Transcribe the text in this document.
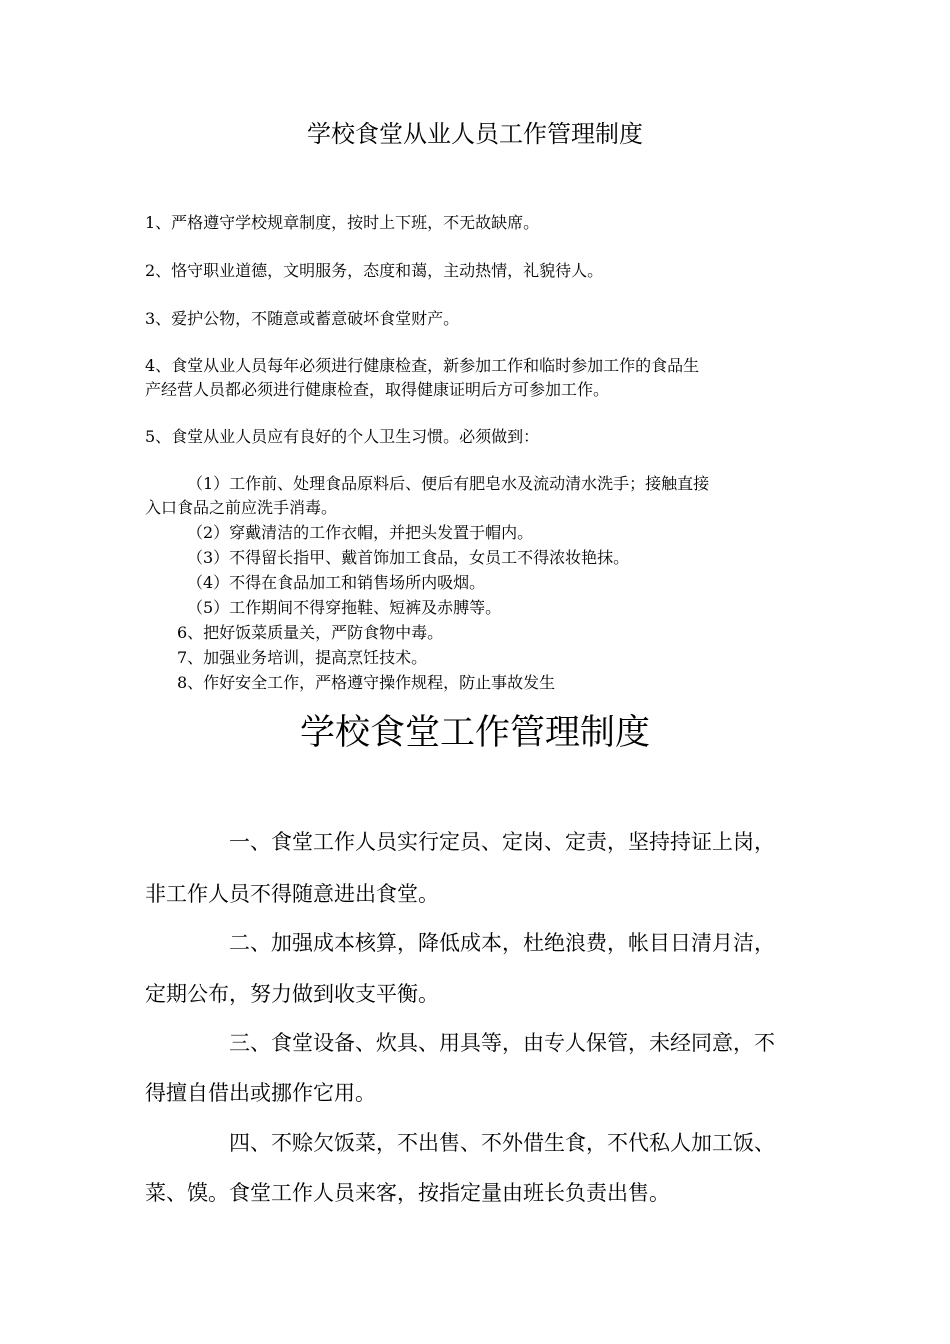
学校食堂从业人员工作管理制度
1、严格遵守学校规章制度，按时上下班，不无故缺席。
2、恪守职业道德，文明服务，态度和蔼，主动热情，礼貌待人。
3、爱护公物，不随意或蓄意破坏食堂财产。
4、食堂从业人员每年必须进行健康检查，新参加工作和临时参加工作的食品生
产经营人员都必须进行健康检查，取得健康证明后方可参加工作。
5、食堂从业人员应有良好的个人卫生习惯。必须做到：
（1）工作前、处理食品原料后、便后有肥皂水及流动清水洗手；接触直接
入口食品之前应洗手消毒。
（2）穿戴清洁的工作衣帽，并把头发置于帽内。
（3）不得留长指甲、戴首饰加工食品，女员工不得浓妆艳抹。
（4）不得在食品加工和销售场所内吸烟。
（5）工作期间不得穿拖鞋、短裤及赤膊等。
6、把好饭菜质量关，严防食物中毒。
7、加强业务培训，提高烹饪技术。
8、作好安全工作，严格遵守操作规程，防止事故发生
学校食堂工作管理制度
一、食堂工作人员实行定员、定岗、定责，坚持持证上岗，
非工作人员不得随意进出食堂。
二、加强成本核算，降低成本，杜绝浪费，帐目日清月洁，
定期公布，努力做到收支平衡。
三、食堂设备、炊具、用具等，由专人保管，未经同意，不
得擅自借出或挪作它用。
四、不赊欠饭菜，不出售、不外借生食，不代私人加工饭、
菜、馍。食堂工作人员来客，按指定量由班长负责出售。
